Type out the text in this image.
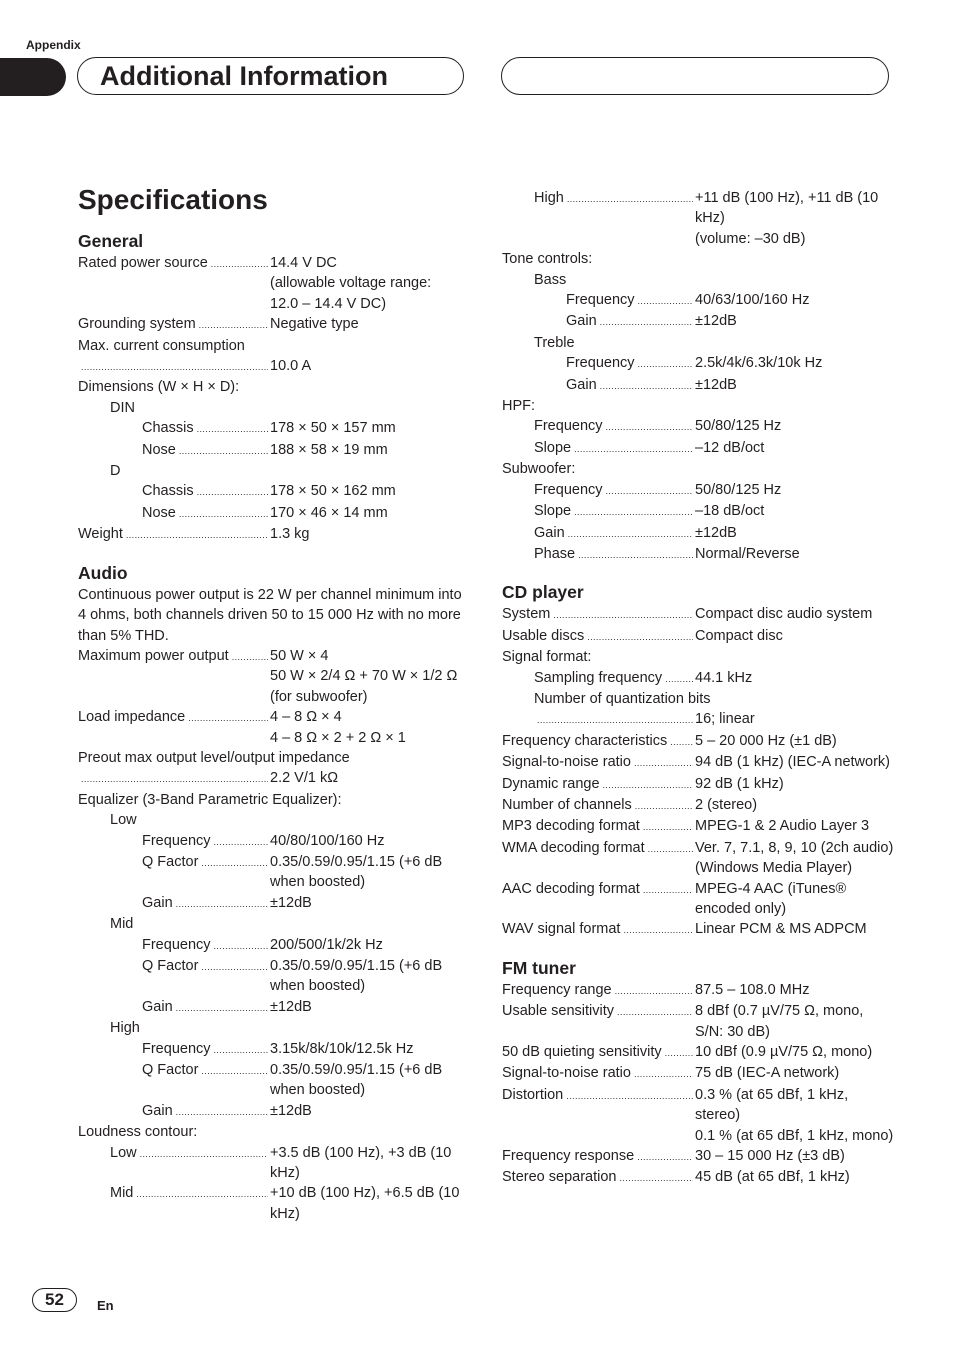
Appendix
Additional Information
Specifications
General
Rated power source .....	14.4 V DC
(allowable voltage range:
12.0 – 14.4 V DC)
Grounding system .....	Negative type
Max. current consumption
.....
10.0 A
Dimensions (W × H × D):
DIN
Chassis .....	178 × 50 × 157 mm
Nose .....	188 × 58 × 19 mm
D
Chassis .....	178 × 50 × 162 mm
Nose .....	170 × 46 × 14 mm
Weight .....	1.3 kg
Audio
Continuous power output is 22 W per channel minimum into 4 ohms, both channels driven 50 to 15 000 Hz with no more than 5% THD.
Maximum power output .....	50 W × 4
50 W × 2/4 Ω + 70 W × 1/2 Ω (for subwoofer)
Load impedance .....	4 – 8 Ω × 4
4 – 8 Ω × 2 + 2 Ω × 1
Preout max output level/output impedance
.....
2.2 V/1 kΩ
Equalizer (3-Band Parametric Equalizer):
Low
Frequency .....	40/80/100/160 Hz
Q Factor .....	0.35/0.59/0.95/1.15 (+6 dB when boosted)
Gain .....	±12dB
Mid
Frequency .....	200/500/1k/2k Hz
Q Factor .....	0.35/0.59/0.95/1.15 (+6 dB when boosted)
Gain .....	±12dB
High
Frequency .....	3.15k/8k/10k/12.5k Hz
Q Factor .....	0.35/0.59/0.95/1.15 (+6 dB when boosted)
Gain .....	±12dB
Loudness contour:
Low .....	+3.5 dB (100 Hz), +3 dB (10 kHz)
Mid .....	+10 dB (100 Hz), +6.5 dB (10 kHz)
High .....	+11 dB (100 Hz), +11 dB (10 kHz)
(volume: –30 dB)
Tone controls:
Bass
Frequency .....	40/63/100/160 Hz
Gain .....	±12dB
Treble
Frequency .....	2.5k/4k/6.3k/10k Hz
Gain .....	±12dB
HPF:
Frequency .....	50/80/125 Hz
Slope .....	–12 dB/oct
Subwoofer:
Frequency .....	50/80/125 Hz
Slope .....	–18 dB/oct
Gain .....	±12dB
Phase .....	Normal/Reverse
CD player
System .....	Compact disc audio system
Usable discs .....	Compact disc
Signal format:
Sampling frequency ..... 44.1 kHz
Number of quantization bits
.....
16; linear
Frequency characteristics ..... 5 – 20 000 Hz (±1 dB)
Signal-to-noise ratio .....	94 dB (1 kHz) (IEC-A network)
Dynamic range .....	92 dB (1 kHz)
Number of channels .....	2 (stereo)
MP3 decoding format .....	MPEG-1 & 2 Audio Layer 3
WMA decoding format .....	Ver. 7, 7.1, 8, 9, 10 (2ch audio)
(Windows Media Player)
AAC decoding format .....	MPEG-4 AAC (iTunes® encoded only)
WAV signal format .....	Linear PCM & MS ADPCM
FM tuner
Frequency range .....	87.5 – 108.0 MHz
Usable sensitivity .....	8 dBf (0.7 µV/75 Ω, mono, S/N: 30 dB)
50 dB quieting sensitivity ..... 10 dBf (0.9 µV/75 Ω, mono)
Signal-to-noise ratio .....	75 dB (IEC-A network)
Distortion .....	0.3 % (at 65 dBf, 1 kHz, stereo)
0.1 % (at 65 dBf, 1 kHz, mono)
Frequency response .....	30 – 15 000 Hz (±3 dB)
Stereo separation .....	45 dB (at 65 dBf, 1 kHz)
52	En
